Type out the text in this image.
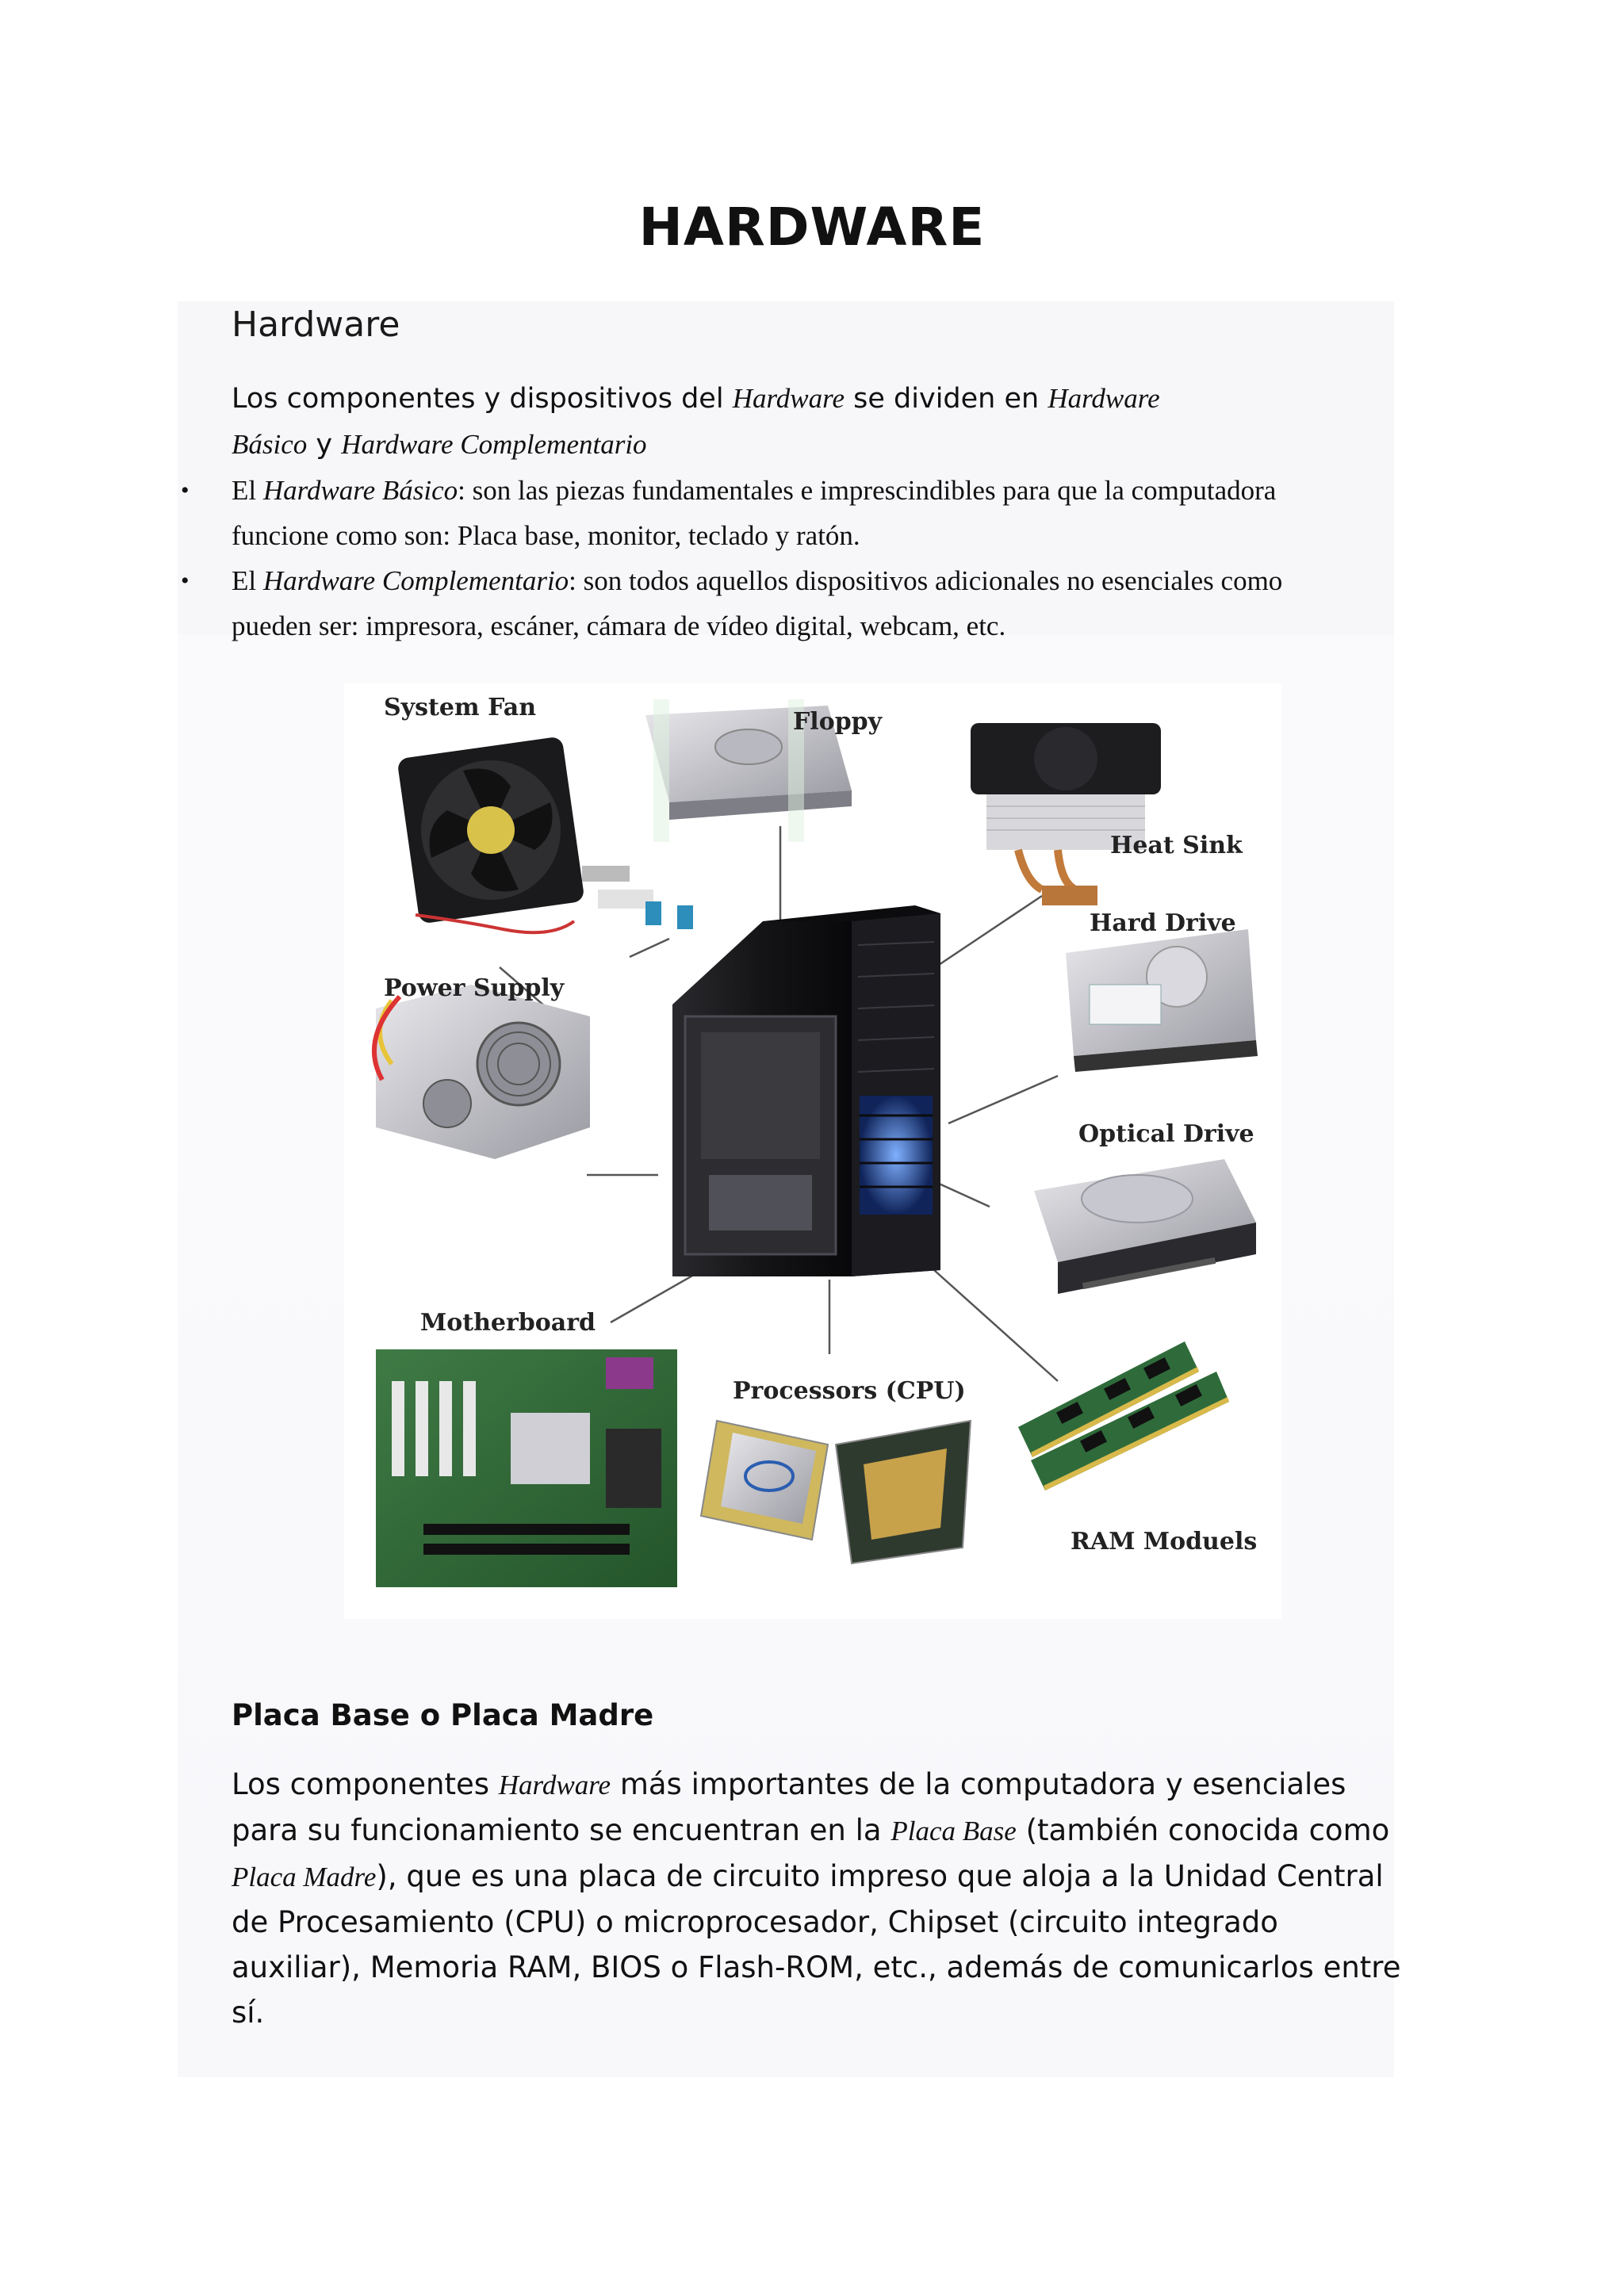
HARDWARE
Hardware
Los componentes y dispositivos del Hardware se dividen en Hardware Básico y Hardware Complementario
• El Hardware Básico: son las piezas fundamentales e imprescindibles para que la computadora funcione como son: Placa base, monitor, teclado y ratón.
• El Hardware Complementario: son todos aquellos dispositivos adicionales no esenciales como pueden ser: impresora, escáner, cámara de vídeo digital, webcam, etc.
System Fan
Floppy
Heat Sink
Hard Drive
Power Supply
Optical Drive
Motherboard
Processors (CPU)
RAM Moduels
Placa Base o Placa Madre
Los componentes Hardware más importantes de la computadora y esenciales para su funcionamiento se encuentran en la Placa Base (también conocida como Placa Madre), que es una placa de circuito impreso que aloja a la Unidad Central de Procesamiento (CPU) o microprocesador, Chipset (circuito integrado auxiliar), Memoria RAM, BIOS o Flash-ROM, etc., además de comunicarlos entre sí.
